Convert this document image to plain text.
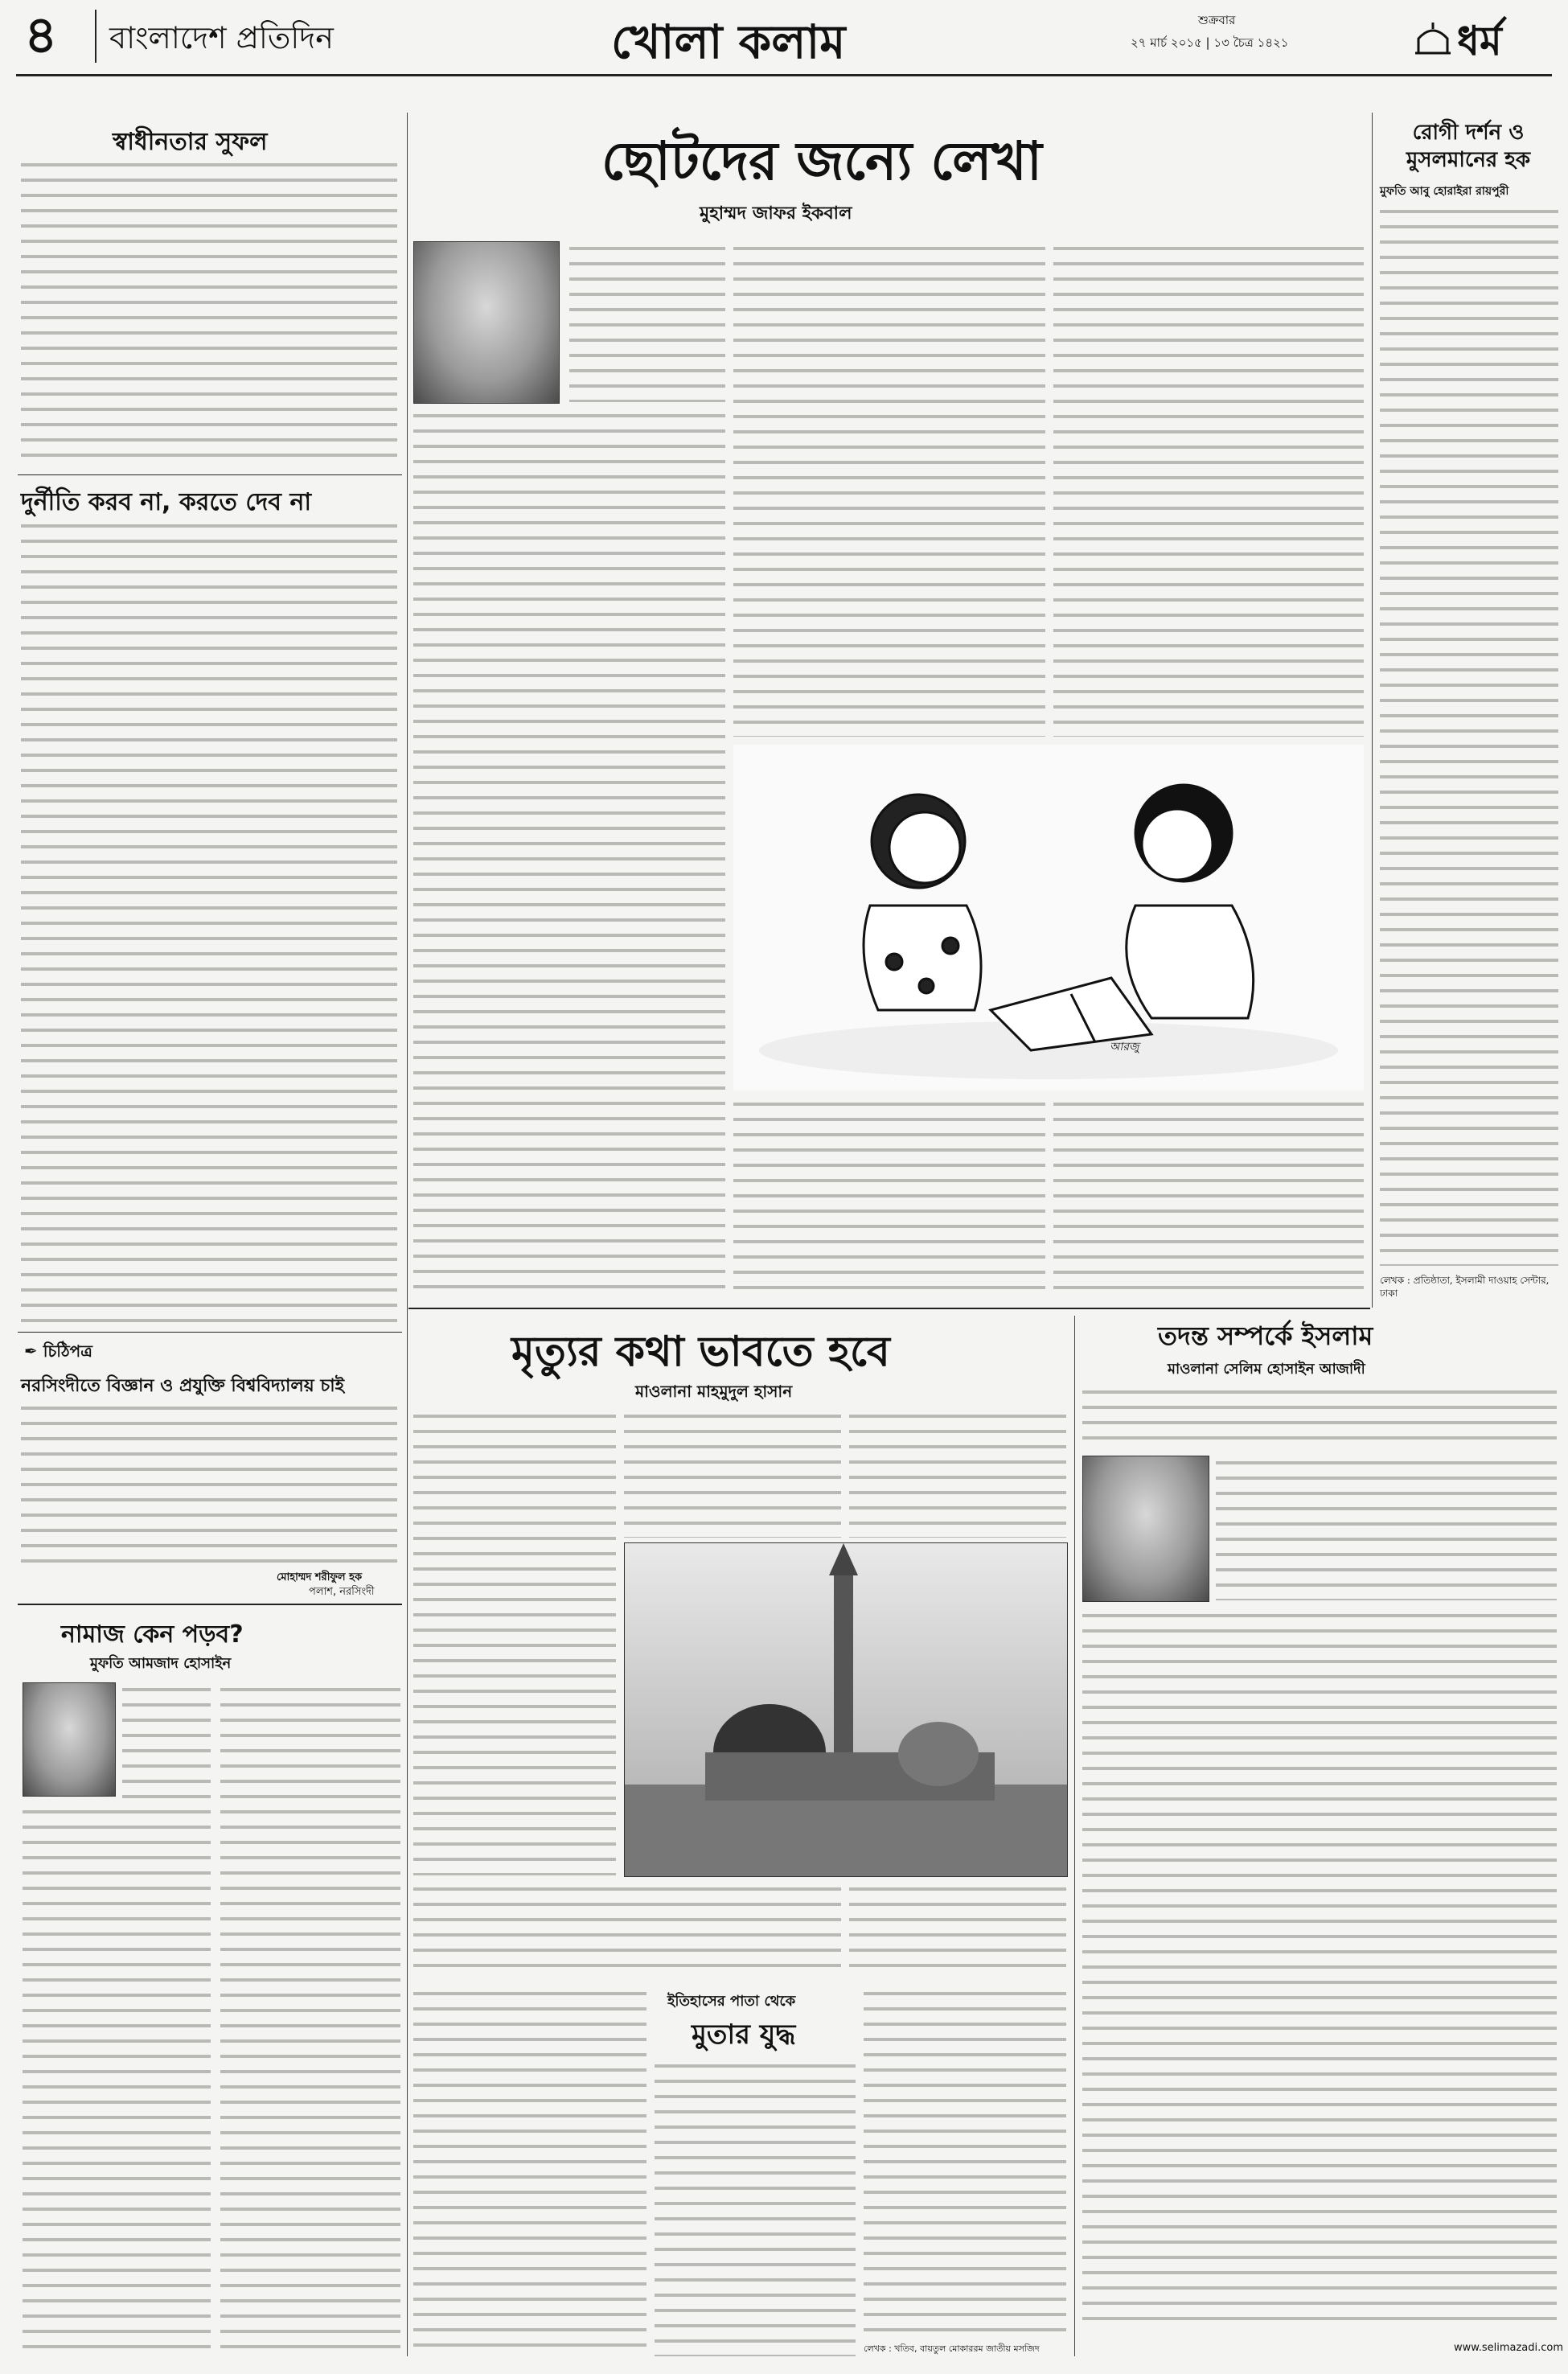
৪ বাংলাদেশ প্রতিদিন	খোলা কলাম	শুক্রবার
২৭ মার্চ ২০১৫ | ১৩ চৈত্র ১৪২১	ধর্ম
স্বাধীনতার সুফল
দুর্নীতি করব না, করতে দেব না
✒ চিঠিপত্র
নরসিংদীতে বিজ্ঞান ও প্রযুক্তি বিশ্ববিদ্যালয় চাই
মোহাম্মদ শরীফুল হক
পলাশ, নরসিংদী
নামাজ কেন পড়ব?
মুফতি আমজাদ হোসাইন
ছোটদের জন্যে লেখা
মুহাম্মদ জাফর ইকবাল
আরজু
রোগী দর্শন ও মুসলমানের হক
মুফতি আবু হোরাইরা রায়পুরী
লেখক : প্রতিষ্ঠাতা, ইসলামী দাওয়াহ সেন্টার, ঢাকা
মৃত্যুর কথা ভাবতে হবে
মাওলানা মাহমুদুল হাসান
ইতিহাসের পাতা থেকে
মুতার যুদ্ধ
লেখক : খতিব, বায়তুল মোকাররম জাতীয় মসজিদ
তদন্ত সম্পর্কে ইসলাম
মাওলানা সেলিম হোসাইন আজাদী
www.selimazadi.com
